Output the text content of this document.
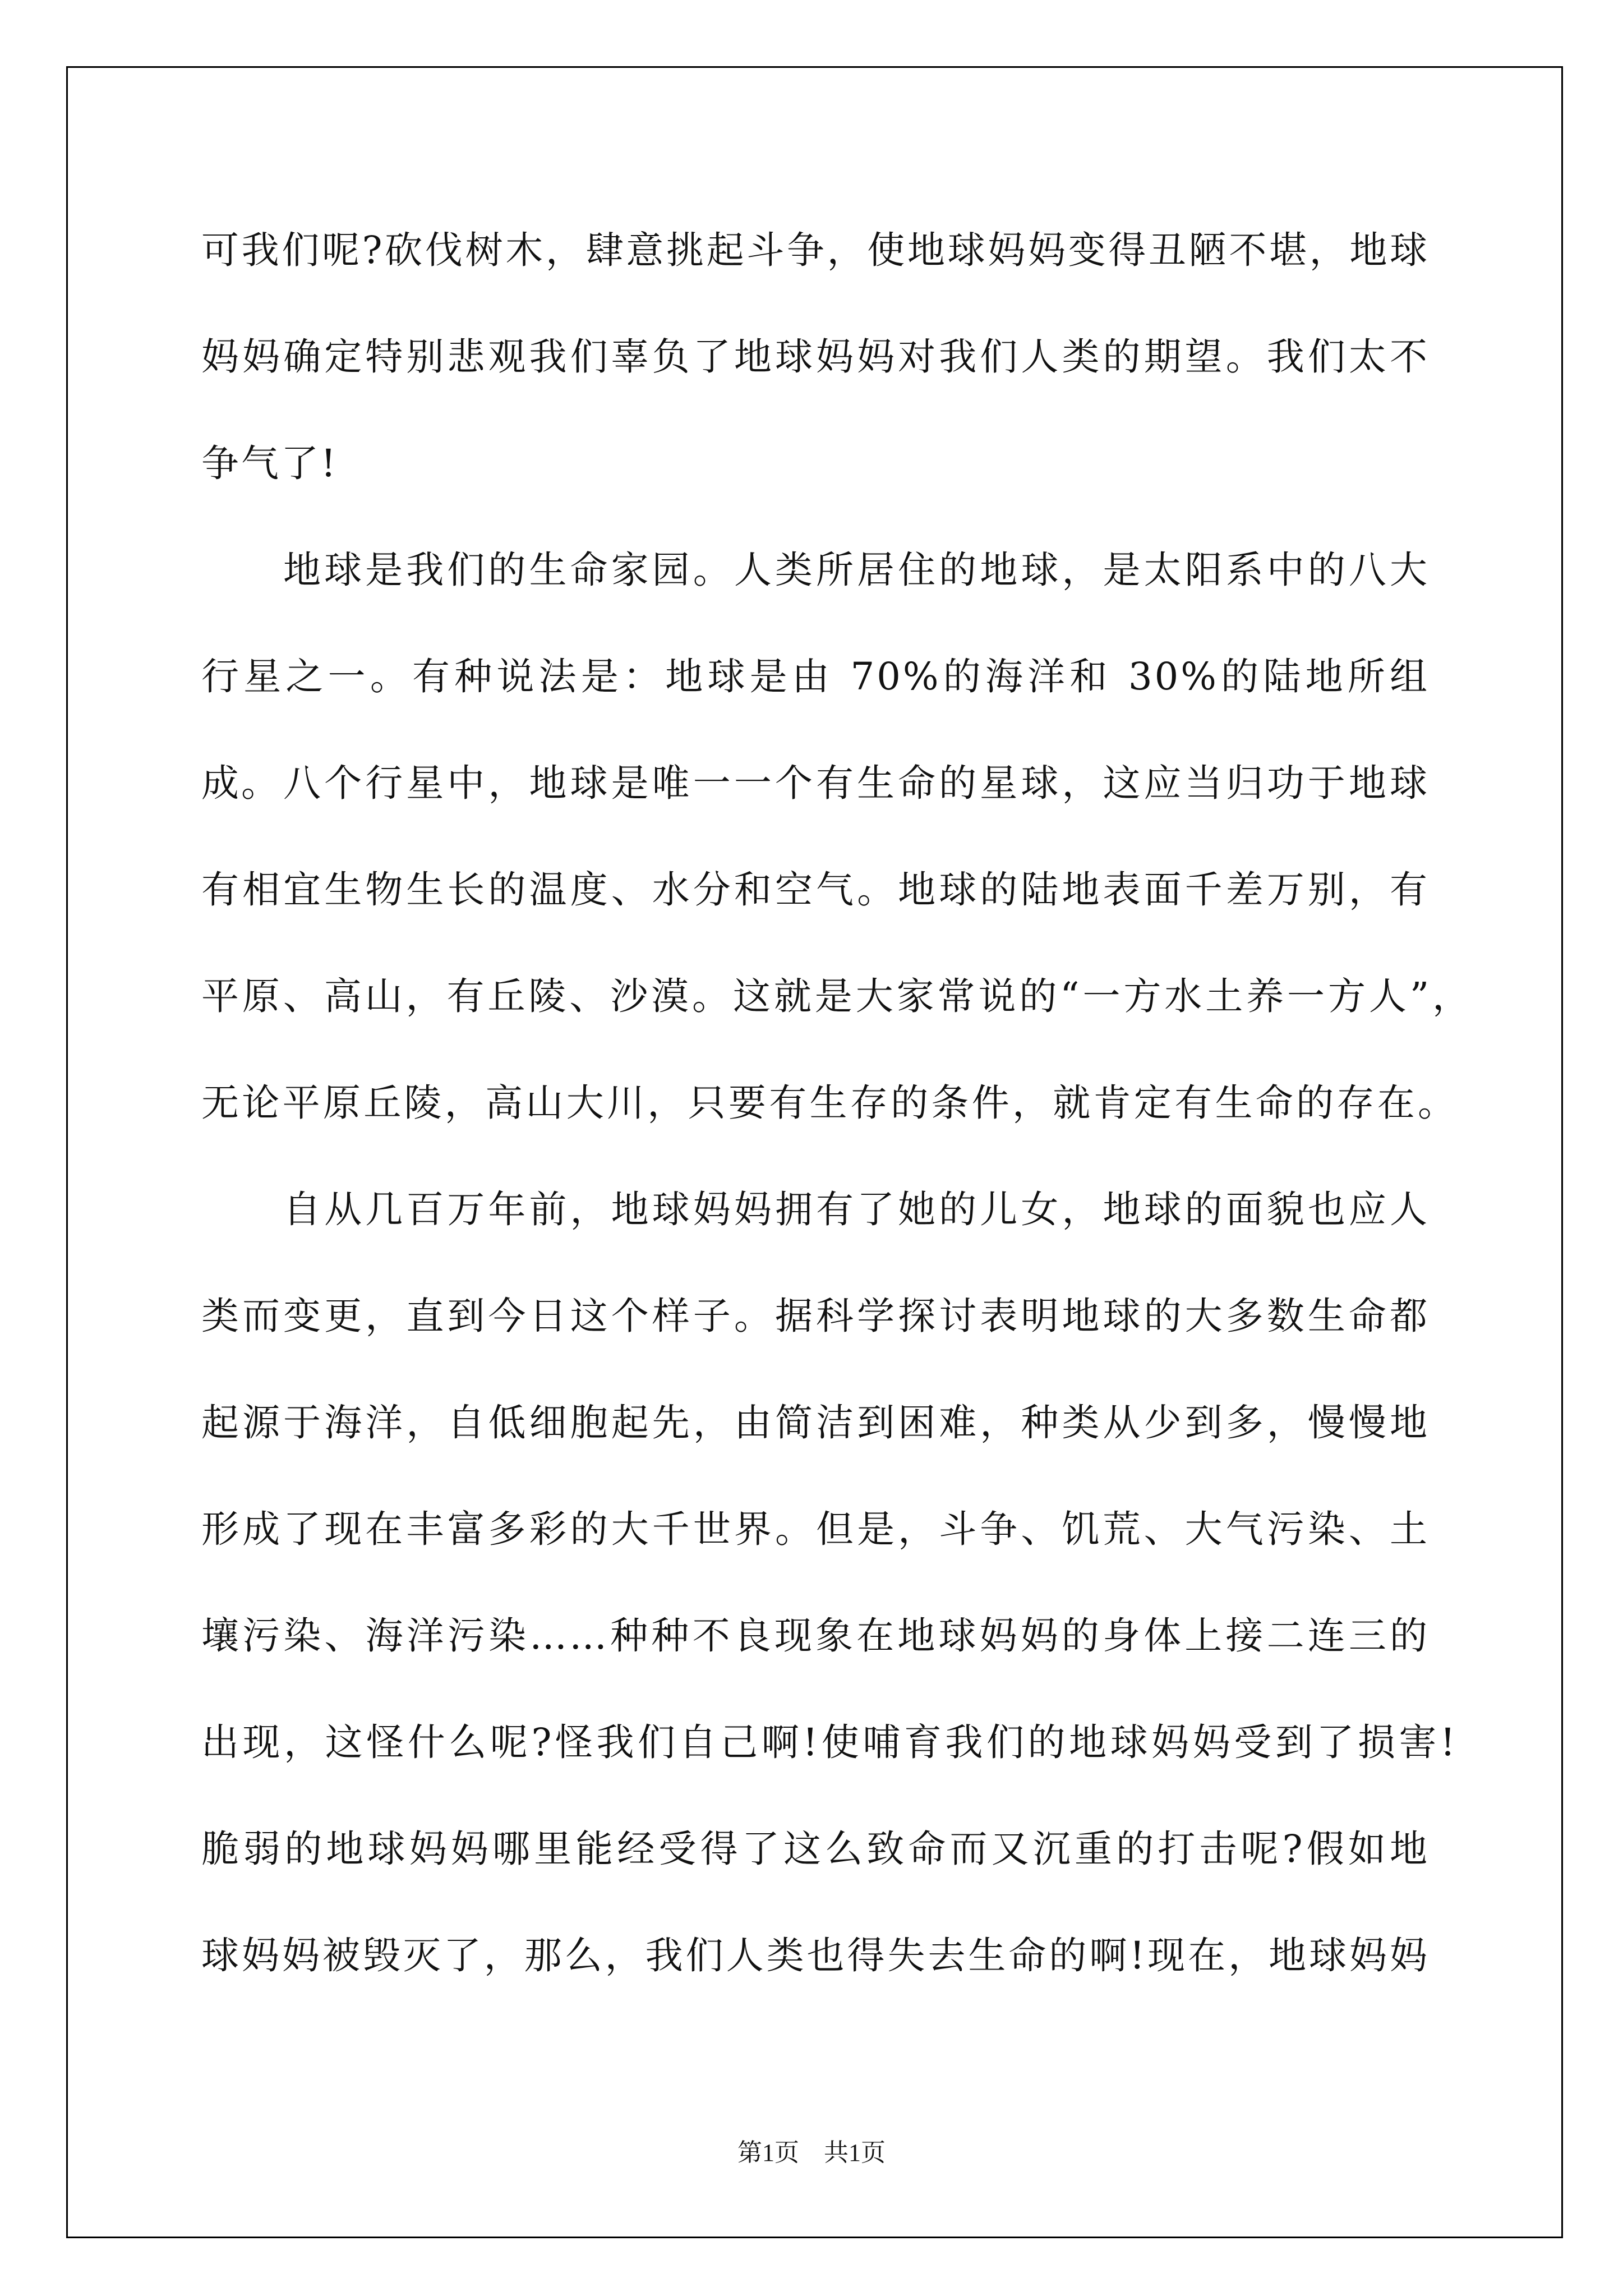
可我们呢?砍伐树木，肆意挑起斗争，使地球妈妈变得丑陋不堪，地球
妈妈确定特别悲观我们辜负了地球妈妈对我们人类的期望。我们太不
争气了!
地球是我们的生命家园。人类所居住的地球，是太阳系中的八大
行星之一。有种说法是：地球是由 70%的海洋和 30%的陆地所组成。 八个行星中，地球是唯一一个有生命的星球，这应当归功于地球
有相宜生物生长的温度、水分和空气。地球的陆地表面千差万别，有
平原、高山，有丘陵、沙漠。这就是大家常说的“一方水土养一方人”，
无论平原丘陵，高山大川，只要有生存的条件，就肯定有生命的存在。
自从几百万年前，地球妈妈拥有了她的儿女，地球的面貌也应人
类而变更，直到今日这个样子。据科学探讨表明地球的大多数生命都
起源于海洋，自低细胞起先，由简洁到困难，种类从少到多，慢慢地
形成了现在丰富多彩的大千世界。但是，斗争、饥荒、大气污染、土
壤污染、海洋污染……种种不良现象在地球妈妈的身体上接二连三的
出现，这怪什么呢?怪我们自己啊!使哺育我们的地球妈妈受到了损害!
脆弱的地球妈妈哪里能经受得了这么致命而又沉重的打击呢?假如地
球妈妈被毁灭了，那么，我们人类也得失去生命的啊!现在，地球妈妈
第1页 共1页
